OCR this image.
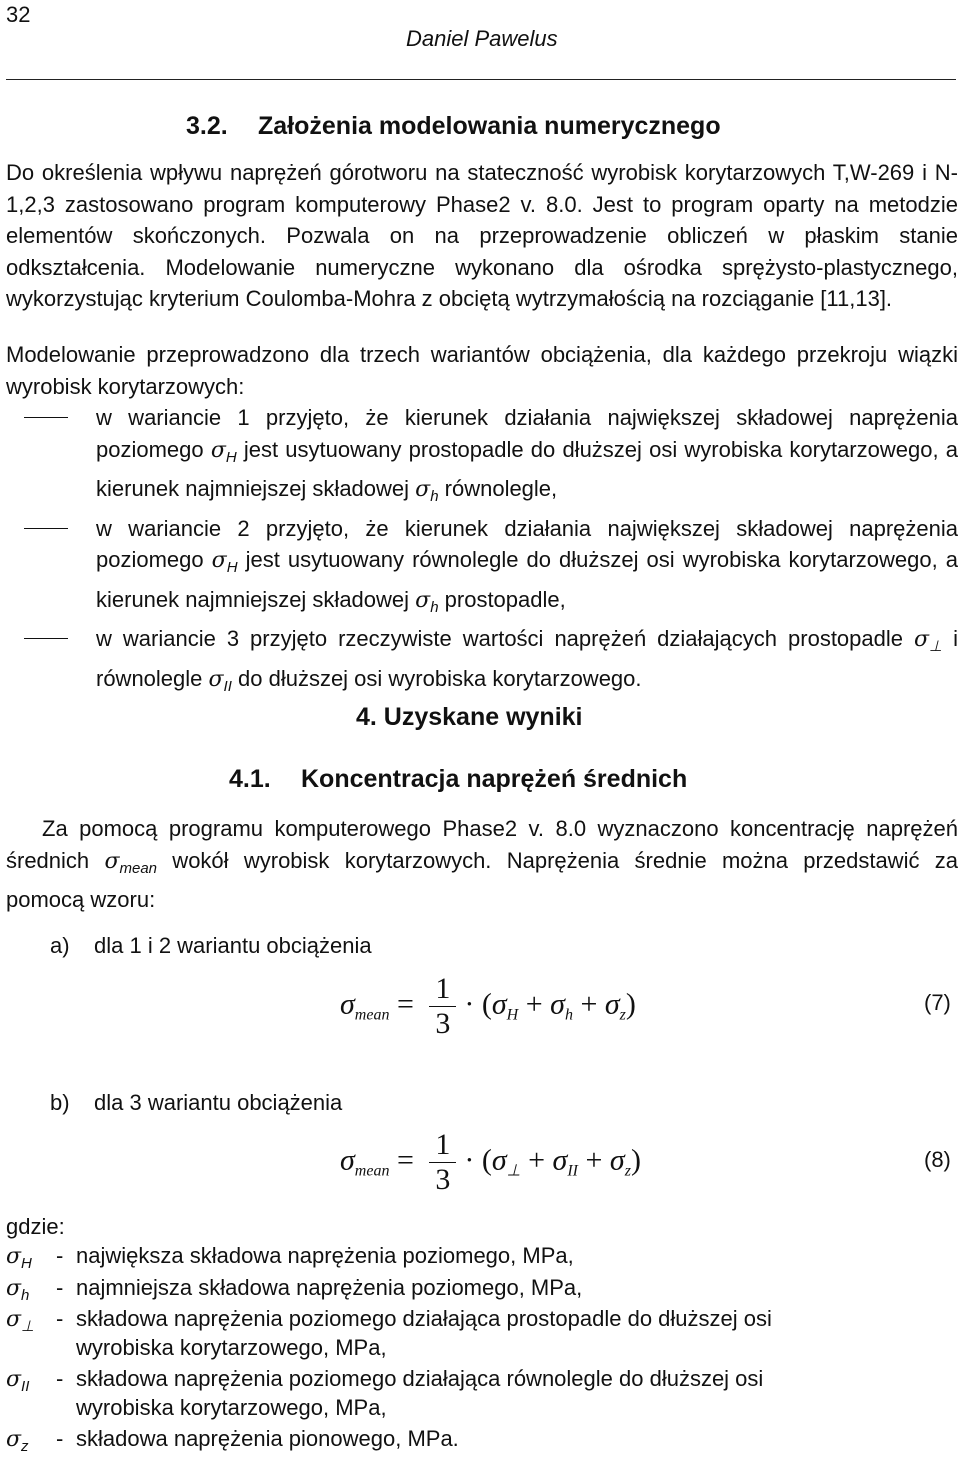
32
Daniel Pawelus
3.2. Założenia modelowania numerycznego
Do określenia wpływu naprężeń górotworu na stateczność wyrobisk korytarzowych T,W-269 i N-1,2,3 zastosowano program komputerowy Phase2 v. 8.0. Jest to program oparty na metodzie elementów skończonych. Pozwala on na przeprowadzenie obliczeń w płaskim stanie odkształcenia. Modelowanie numeryczne wykonano dla ośrodka sprężysto-plastycznego, wykorzystując kryterium Coulomba-Mohra z obciętą wytrzymałością na rozciąganie [11,13].
Modelowanie przeprowadzono dla trzech wariantów obciążenia, dla każdego przekroju wiązki wyrobisk korytarzowych:
w wariancie 1 przyjęto, że kierunek działania największej składowej naprężenia poziomego $\sigma_H$ jest usytuowany prostopadle do dłuższej osi wyrobiska korytarzowego, a kierunek najmniejszej składowej $\sigma_h$ równolegle,
w wariancie 2 przyjęto, że kierunek działania największej składowej naprężenia poziomego $\sigma_H$ jest usytuowany równolegle do dłuższej osi wyrobiska korytarzowego, a kierunek najmniejszej składowej $\sigma_h$ prostopadle,
w wariancie 3 przyjęto rzeczywiste wartości naprężeń działających prostopadle $\sigma_\perp$ i równolegle $\sigma_{II}$ do dłuższej osi wyrobiska korytarzowego.
4. Uzyskane wyniki
4.1. Koncentracja naprężeń średnich
Za pomocą programu komputerowego Phase2 v. 8.0 wyznaczono koncentrację naprężeń średnich $\sigma_{mean}$ wokół wyrobisk korytarzowych. Naprężenia średnie można przedstawić za pomocą wzoru:
a) dla 1 i 2 wariantu obciążenia
$\sigma_{mean} = \frac{1}{3} \cdot (\sigma_H + \sigma_h + \sigma_z)$	(7)
b) dla 3 wariantu obciążenia
$\sigma_{mean} = \frac{1}{3} \cdot (\sigma_\perp + \sigma_{II} + \sigma_z)$	(8)
gdzie:
$\sigma_H$	- największa składowa naprężenia poziomego, MPa,
$\sigma_h$	- najmniejsza składowa naprężenia poziomego, MPa,
$\sigma_\perp$ - składowa naprężenia poziomego działająca prostopadle do dłuższej osi
wyrobiska korytarzowego, MPa,
$\sigma_{II}$	- składowa naprężenia poziomego działająca równolegle do dłuższej osi
wyrobiska korytarzowego, MPa,
$\sigma_z$	- składowa naprężenia pionowego, MPa.
